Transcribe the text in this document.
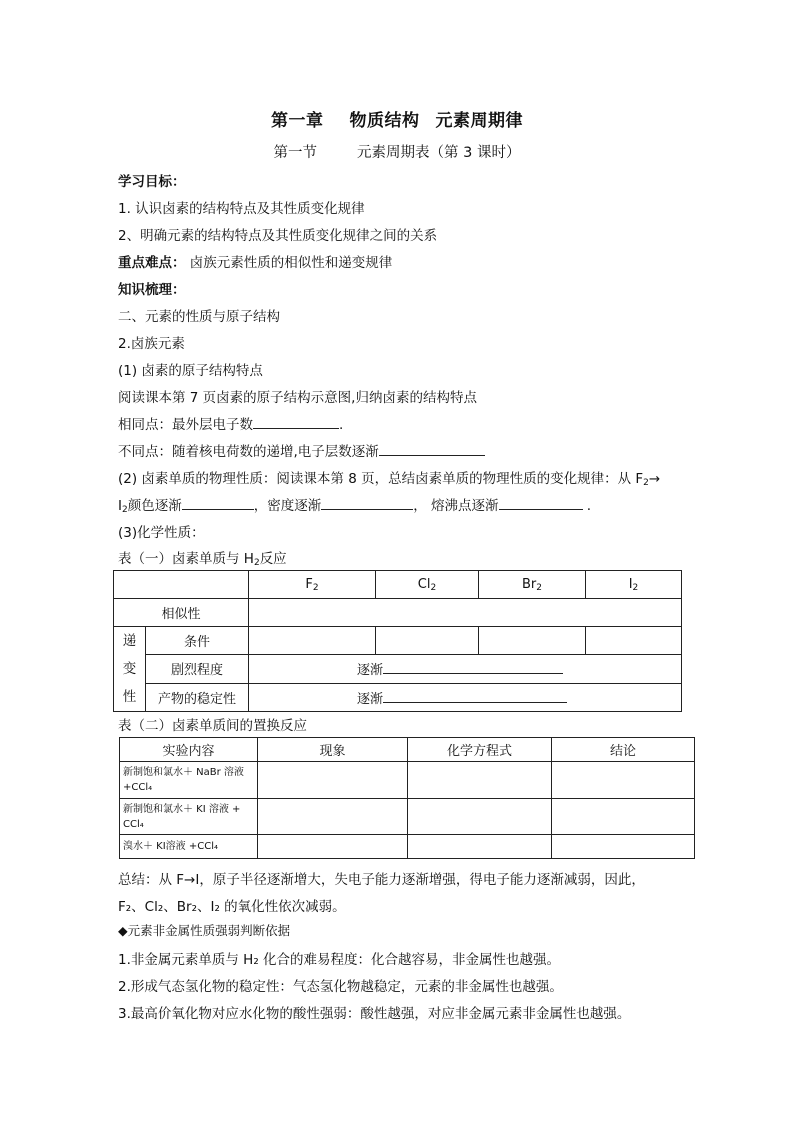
第一章 物质结构 元素周期律
第一节	元素周期表（第 3 课时）
学习目标：
1. 认识卤素的结构特点及其性质变化规律
2、明确元素的结构特点及其性质变化规律之间的关系
重点难点： 卤族元素性质的相似性和递变规律
知识梳理：
二、元素的性质与原子结构
2.卤族元素
(1) 卤素的原子结构特点
阅读课本第 7 页卤素的原子结构示意图,归纳卤素的结构特点
相同点：最外层电子数	.
不同点：随着核电荷数的递增,电子层数逐渐
(2) 卤素单质的物理性质：阅读课本第 8 页，总结卤素单质的物理性质的变化规律：从 $F_2\to$
$I_2$颜色逐渐	，密度逐渐	， 熔沸点逐渐	.
(3)化学性质：
表（一）卤素单质与 $H_2$反应
		$F_2$	$Cl_2$	$Br_2$	$I_2$
相似性					

递
变
性	条件				
	剧烈程度	逐渐			
	产物的稳定性	逐渐			
表（二）卤素单质间的置换反应
实验内容	现象	化学方程式	结论
新制饱和氯水＋ NaBr 溶液 +CCl₄			
新制饱和氯水＋ KI 溶液 + CCl₄			
溴水＋ KI溶液 +CCl₄			
总结：从 F→I，原子半径逐渐增大，失电子能力逐渐增强，得电子能力逐渐减弱，因此，
F₂、Cl₂、Br₂、I₂ 的氧化性依次减弱。
◆元素非金属性质强弱判断依据
1.非金属元素单质与 H₂ 化合的难易程度：化合越容易，非金属性也越强。
2.形成气态氢化物的稳定性：气态氢化物越稳定，元素的非金属性也越强。
3.最高价氧化物对应水化物的酸性强弱：酸性越强，对应非金属元素非金属性也越强。
